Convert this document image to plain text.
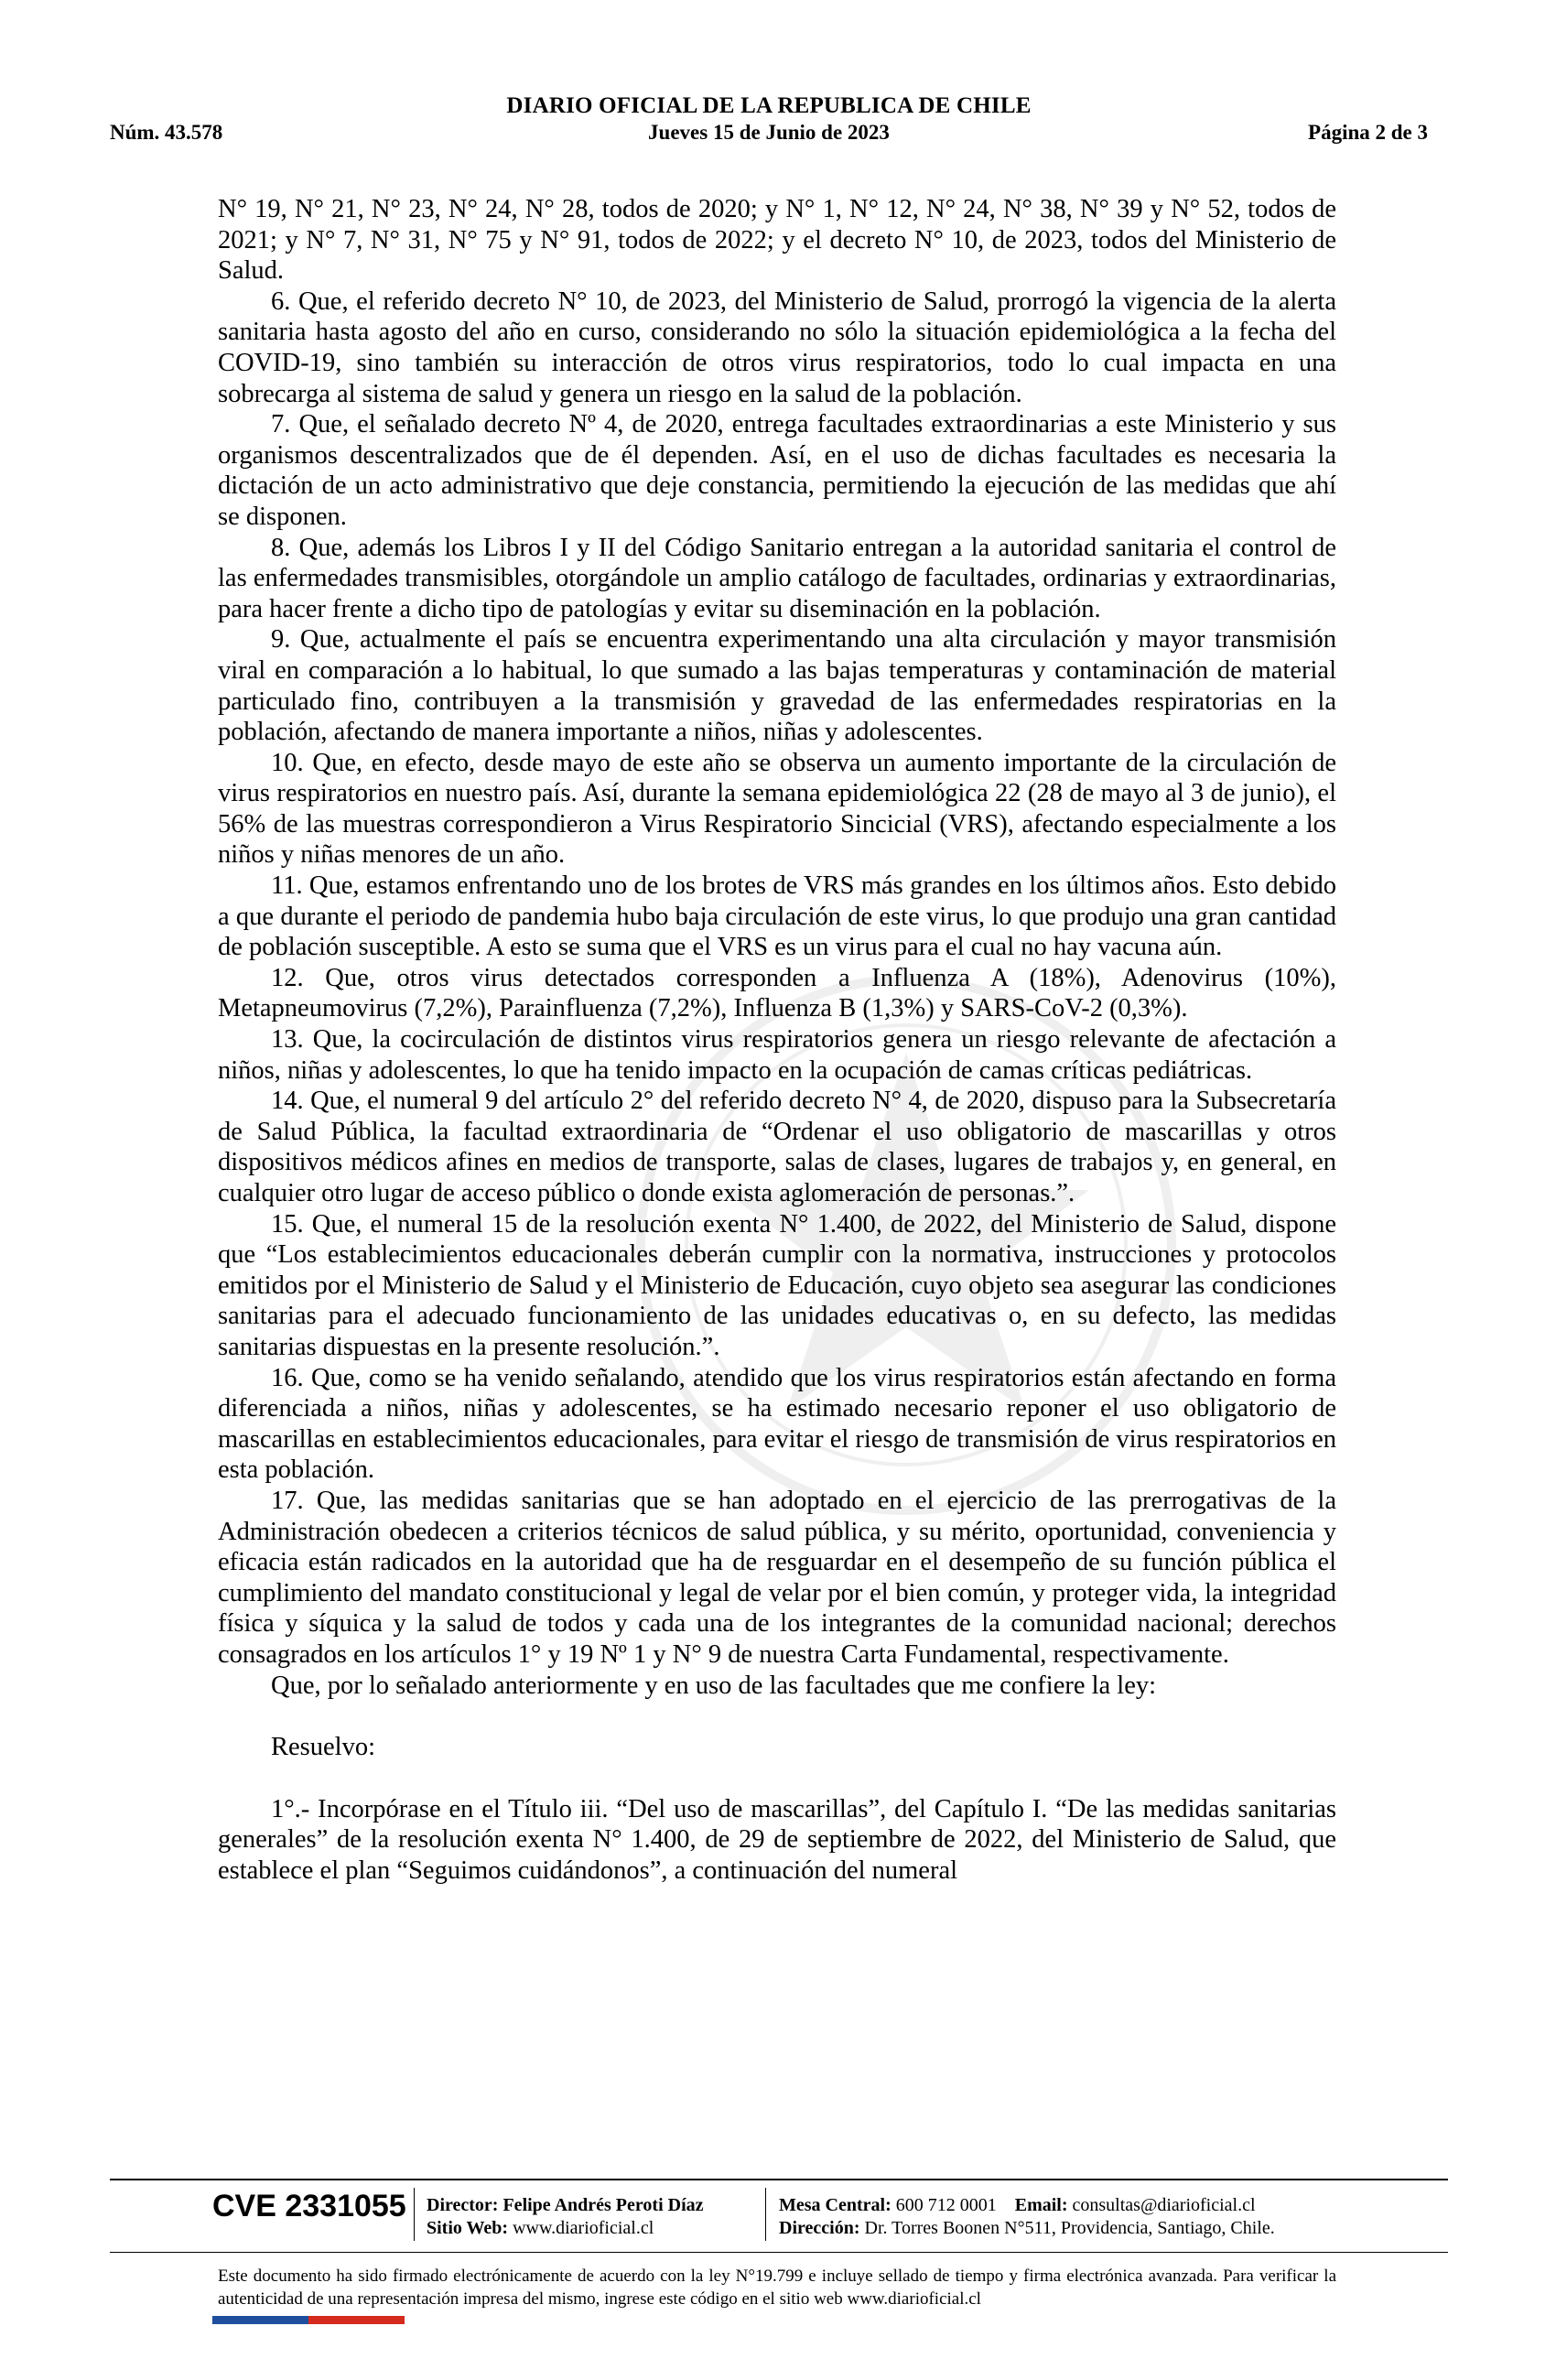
DIARIO OFICIAL DE LA REPUBLICA DE CHILE
Núm. 43.578	Jueves 15 de Junio de 2023	Página 2 de 3

N° 19, N° 21, N° 23, N° 24, N° 28, todos de 2020; y N° 1, N° 12, N° 24, N° 38, N° 39 y N° 52, todos de 2021; y N° 7, N° 31, N° 75 y N° 91, todos de 2022; y el decreto N° 10, de 2023, todos del Ministerio de Salud.

6. Que, el referido decreto N° 10, de 2023, del Ministerio de Salud, prorrogó la vigencia de la alerta sanitaria hasta agosto del año en curso, considerando no sólo la situación epidemiológica a la fecha del COVID-19, sino también su interacción de otros virus respiratorios, todo lo cual impacta en una sobrecarga al sistema de salud y genera un riesgo en la salud de la población.

7. Que, el señalado decreto Nº 4, de 2020, entrega facultades extraordinarias a este Ministerio y sus organismos descentralizados que de él dependen. Así, en el uso de dichas facultades es necesaria la dictación de un acto administrativo que deje constancia, permitiendo la ejecución de las medidas que ahí se disponen.

8. Que, además los Libros I y II del Código Sanitario entregan a la autoridad sanitaria el control de las enfermedades transmisibles, otorgándole un amplio catálogo de facultades, ordinarias y extraordinarias, para hacer frente a dicho tipo de patologías y evitar su diseminación en la población.

9. Que, actualmente el país se encuentra experimentando una alta circulación y mayor transmisión viral en comparación a lo habitual, lo que sumado a las bajas temperaturas y contaminación de material particulado fino, contribuyen a la transmisión y gravedad de las enfermedades respiratorias en la población, afectando de manera importante a niños, niñas y adolescentes.

10. Que, en efecto, desde mayo de este año se observa un aumento importante de la circulación de virus respiratorios en nuestro país. Así, durante la semana epidemiológica 22 (28 de mayo al 3 de junio), el 56% de las muestras correspondieron a Virus Respiratorio Sincicial (VRS), afectando especialmente a los niños y niñas menores de un año.

11. Que, estamos enfrentando uno de los brotes de VRS más grandes en los últimos años. Esto debido a que durante el periodo de pandemia hubo baja circulación de este virus, lo que produjo una gran cantidad de población susceptible. A esto se suma que el VRS es un virus para el cual no hay vacuna aún.

12. Que, otros virus detectados corresponden a Influenza A (18%), Adenovirus (10%), Metapneumovirus (7,2%), Parainfluenza (7,2%), Influenza B (1,3%) y SARS-CoV-2 (0,3%).

13. Que, la cocirculación de distintos virus respiratorios genera un riesgo relevante de afectación a niños, niñas y adolescentes, lo que ha tenido impacto en la ocupación de camas críticas pediátricas.

14. Que, el numeral 9 del artículo 2° del referido decreto N° 4, de 2020, dispuso para la Subsecretaría de Salud Pública, la facultad extraordinaria de “Ordenar el uso obligatorio de mascarillas y otros dispositivos médicos afines en medios de transporte, salas de clases, lugares de trabajos y, en general, en cualquier otro lugar de acceso público o donde exista aglomeración de personas.”.

15. Que, el numeral 15 de la resolución exenta N° 1.400, de 2022, del Ministerio de Salud, dispone que “Los establecimientos educacionales deberán cumplir con la normativa, instrucciones y protocolos emitidos por el Ministerio de Salud y el Ministerio de Educación, cuyo objeto sea asegurar las condiciones sanitarias para el adecuado funcionamiento de las unidades educativas o, en su defecto, las medidas sanitarias dispuestas en la presente resolución.”.

16. Que, como se ha venido señalando, atendido que los virus respiratorios están afectando en forma diferenciada a niños, niñas y adolescentes, se ha estimado necesario reponer el uso obligatorio de mascarillas en establecimientos educacionales, para evitar el riesgo de transmisión de virus respiratorios en esta población.

17. Que, las medidas sanitarias que se han adoptado en el ejercicio de las prerrogativas de la Administración obedecen a criterios técnicos de salud pública, y su mérito, oportunidad, conveniencia y eficacia están radicados en la autoridad que ha de resguardar en el desempeño de su función pública el cumplimiento del mandato constitucional y legal de velar por el bien común, y proteger vida, la integridad física y síquica y la salud de todos y cada una de los integrantes de la comunidad nacional; derechos consagrados en los artículos 1° y 19 Nº 1 y N° 9 de nuestra Carta Fundamental, respectivamente.

Que, por lo señalado anteriormente y en uso de las facultades que me confiere la ley:

Resuelvo:

1°.- Incorpórase en el Título iii. “Del uso de mascarillas”, del Capítulo I. “De las medidas sanitarias generales” de la resolución exenta N° 1.400, de 29 de septiembre de 2022, del Ministerio de Salud, que establece el plan “Seguimos cuidándonos”, a continuación del numeral

CVE 2331055 Director: Felipe Andrés Peroti Díaz
Sitio Web: www.diarioficial.cl
Mesa Central: 600 712 0001 Email: consultas@diarioficial.cl
Dirección: Dr. Torres Boonen N°511, Providencia, Santiago, Chile.
Este documento ha sido firmado electrónicamente de acuerdo con la ley N°19.799 e incluye sellado de tiempo y firma electrónica avanzada. Para verificar la autenticidad de una representación impresa del mismo, ingrese este código en el sitio web www.diarioficial.cl
